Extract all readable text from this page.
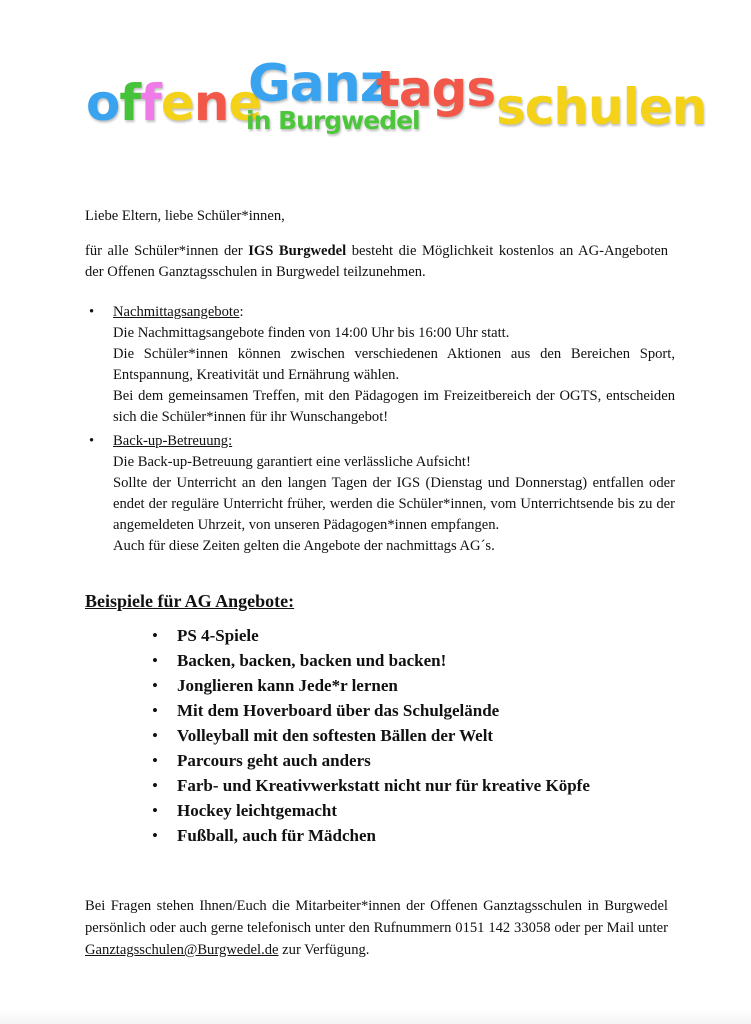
offene
Ganz
tags
in Burgwedel schulen
Liebe Eltern, liebe Schüler*innen,
für alle Schüler*innen der IGS Burgwedel besteht die Möglichkeit kostenlos an AG-Angeboten der Offenen Ganztagsschulen in Burgwedel teilzunehmen.
• Nachmittagsangebote:
Die Nachmittagsangebote finden von 14:00 Uhr bis 16:00 Uhr statt.
Die Schüler*innen können zwischen verschiedenen Aktionen aus den Bereichen Sport, Entspannung, Kreativität und Ernährung wählen.
Bei dem gemeinsamen Treffen, mit den Pädagogen im Freizeitbereich der OGTS, entscheiden sich die Schüler*innen für ihr Wunschangebot!
• Back-up-Betreuung:
Die Back-up-Betreuung garantiert eine verlässliche Aufsicht!
Sollte der Unterricht an den langen Tagen der IGS (Dienstag und Donnerstag) entfallen oder endet der reguläre Unterricht früher, werden die Schüler*innen, vom Unterrichtsende bis zu der angemeldeten Uhrzeit, von unseren Pädagogen*innen empfangen.
Auch für diese Zeiten gelten die Angebote der nachmittags AG´s.
Beispiele für AG Angebote:
• PS 4-Spiele
• Backen, backen, backen und backen!
• Jonglieren kann Jede*r lernen
• Mit dem Hoverboard über das Schulgelände
• Volleyball mit den softesten Bällen der Welt
• Parcours geht auch anders
• Farb- und Kreativwerkstatt nicht nur für kreative Köpfe
• Hockey leichtgemacht
• Fußball, auch für Mädchen
Bei Fragen stehen Ihnen/Euch die Mitarbeiter*innen der Offenen Ganztagsschulen in Burgwedel persönlich oder auch gerne telefonisch unter den Rufnummern 0151 142 33058 oder per Mail unter Ganztagsschulen@Burgwedel.de zur Verfügung.
